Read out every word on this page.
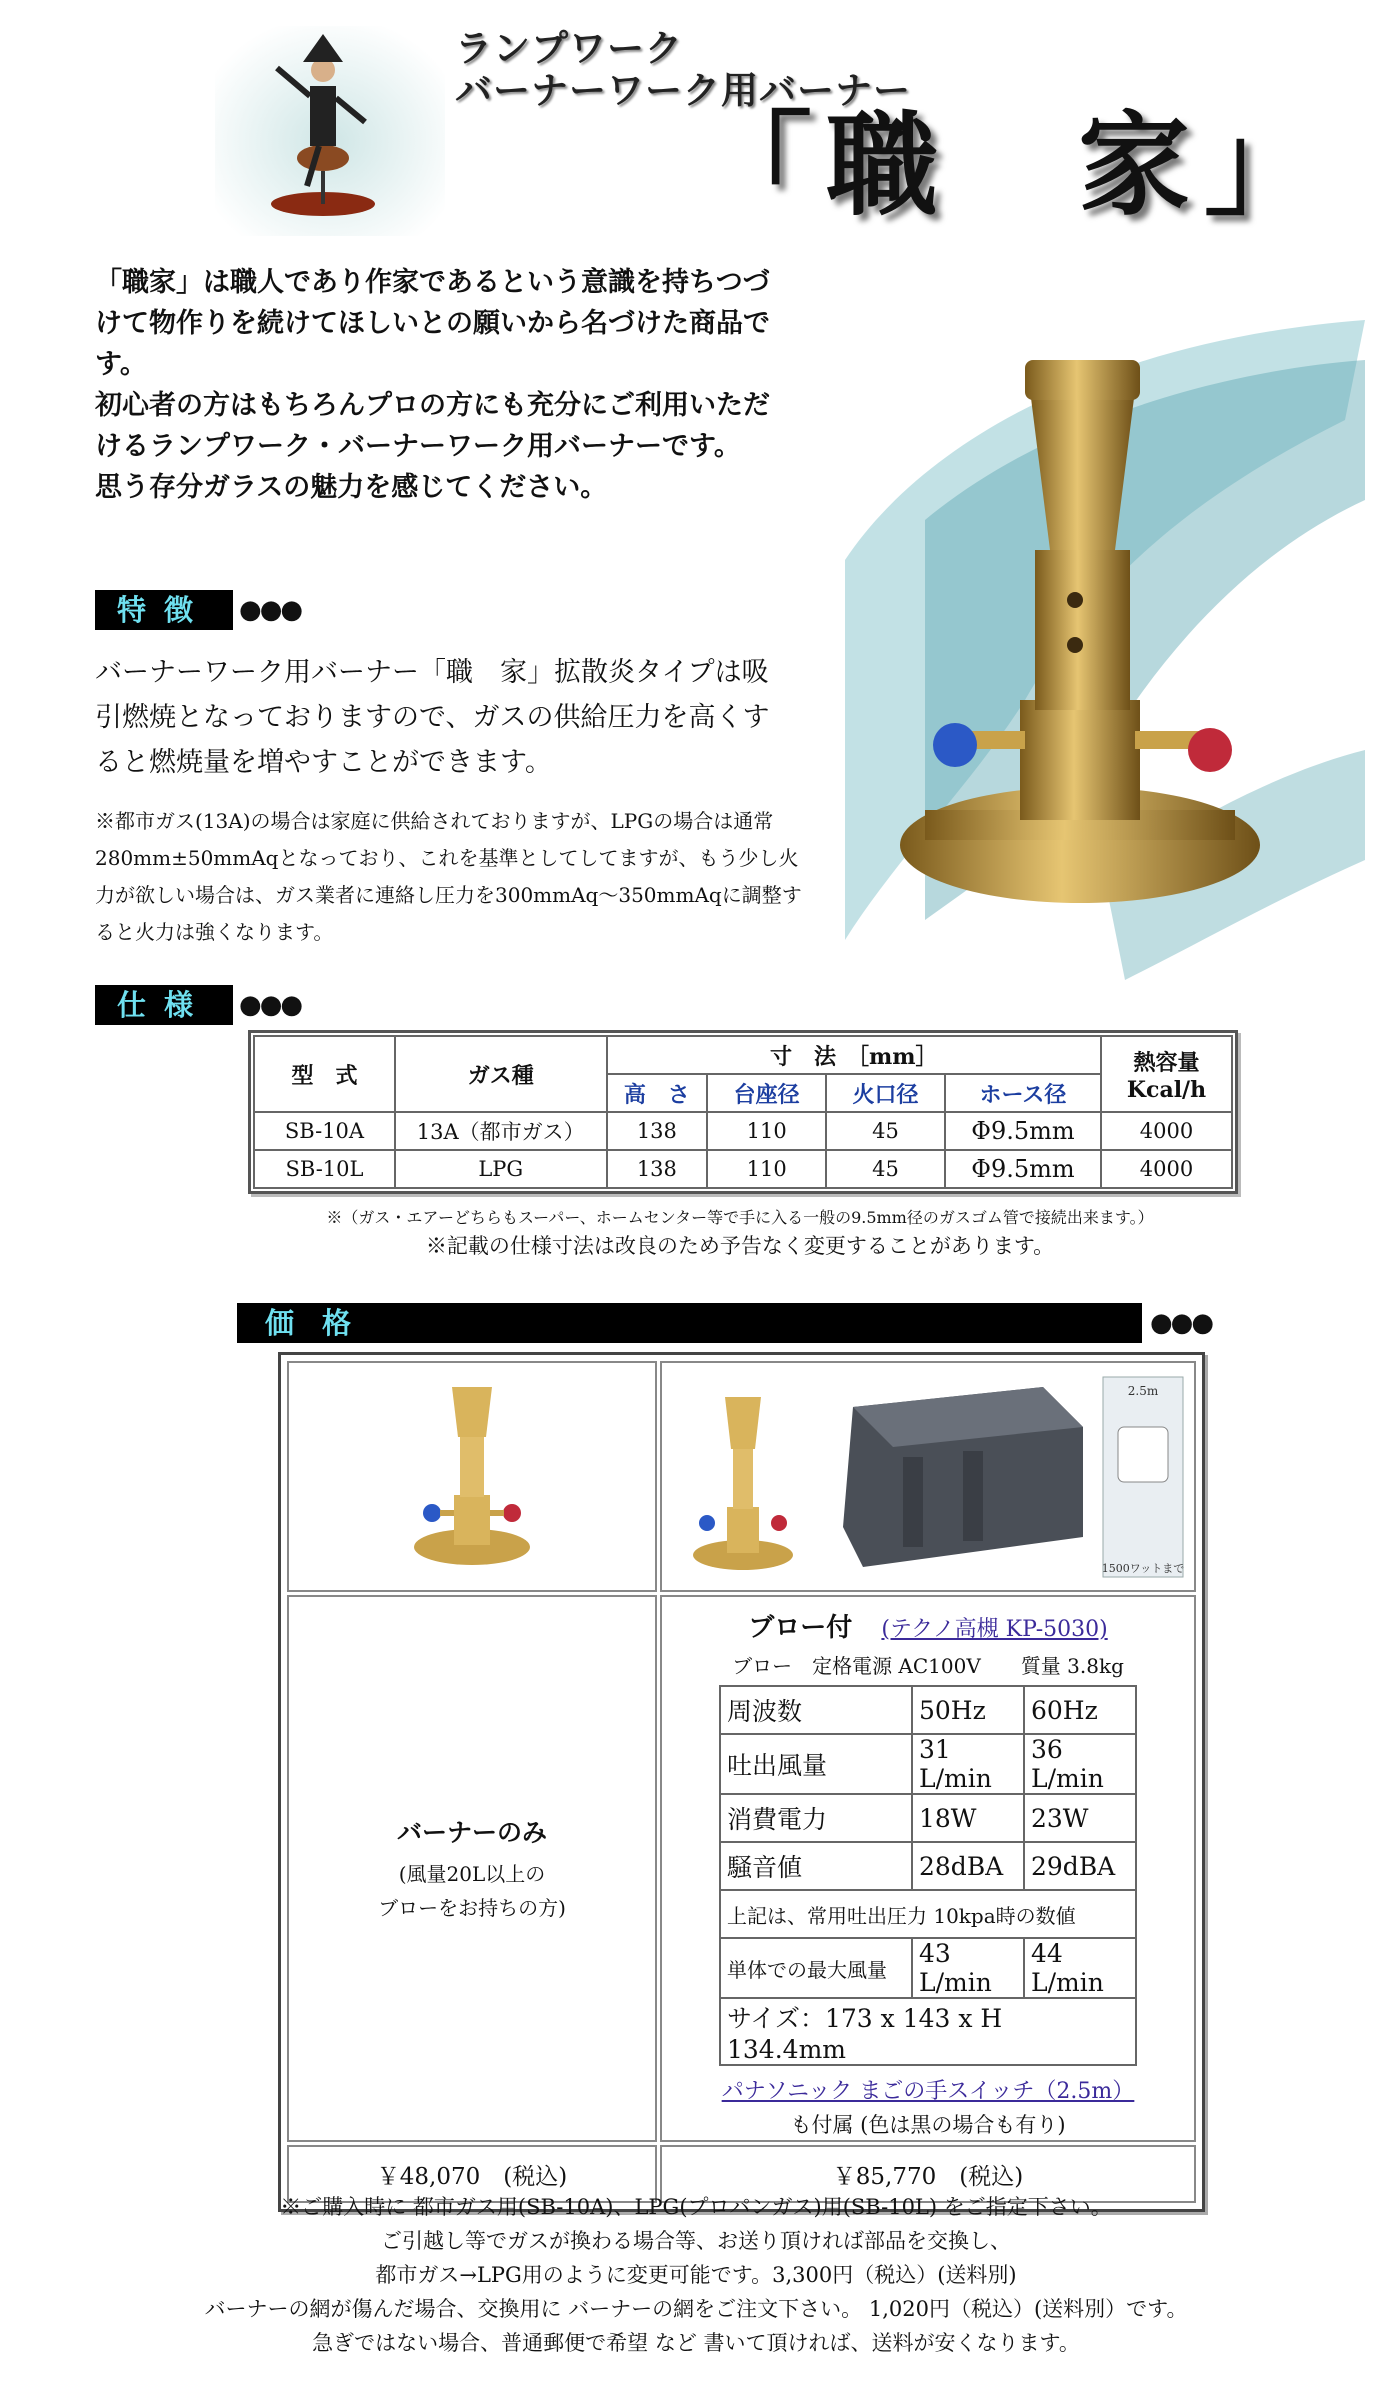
ランプワーク
バーナーワーク用バーナー
「職　家」

「職家」は職人であり作家であるという意識を持ちつづけて物作りを続けてほしいとの願いから名づけた商品です。

初心者の方はもちろんプロの方にも充分にご利用いただけるランプワーク・バーナーワーク用バーナーです。

思う存分ガラスの魅力を感じてください。

特徴 ●●●

バーナーワーク用バーナー「職　家」拡散炎タイプは吸引燃焼となっておりますので、ガスの供給圧力を高くすると燃焼量を増やすことができます。

※都市ガス(13A)の場合は家庭に供給されておりますが、LPGの場合は通常280mm±50mmAqとなっており、これを基準としてしてますが、もう少し火力が欲しい場合は、ガス業者に連絡し圧力を300mmAq～350mmAqに調整すると火力は強くなります。

仕様 ●●●
型　式	ガス種	寸　法　［mm］				熱容量
Kcal/h

		高　さ	台座径	火口径	ホース径	
SB-10A	13A（都市ガス）	138	110	45	Φ9.5mm	4000
SB-10L	LPG	138	110	45	Φ9.5mm	4000
※（ガス・エアーどちらもスーパー、ホームセンター等で手に入る一般の9.5mm径のガスゴム管で接続出来ます。）
※記載の仕様寸法は改良のため予告なく変更することがあります。
価格	●●●

2.5m
1500ワットまで

バーナーのみ
(風量20L以上の
ブローをお持ちの方)

ブロー付 (テクノ高槻 KP-5030)
ブロー　定格電源 AC100V 質量 3.8kg
周波数	50Hz	60Hz
吐出風量	31 L/min	36 L/min
消費電力	18W	23W
騒音値	28dBA	29dBA
上記は、常用吐出圧力 10kpa時の数値
単体での最大風量	43 L/min	44 L/min
サイズ：173 x 143 x H 134.4mm
パナソニック まごの手スイッチ（2.5m）
も付属 (色は黒の場合も有り)

￥48,070　(税込)	￥85,770　(税込)

※ご購入時に 都市ガス用(SB-10A)、LPG(プロパンガス)用(SB-10L) をご指定下さい。

ご引越し等でガスが換わる場合等、お送り頂ければ部品を交換し、

都市ガス→LPG用のように変更可能です。3,300円（税込）(送料別)

バーナーの網が傷んだ場合、交換用に バーナーの網をご注文下さい。 1,020円（税込）(送料別）です。

急ぎではない場合、普通郵便で希望 など 書いて頂ければ、送料が安くなります。
